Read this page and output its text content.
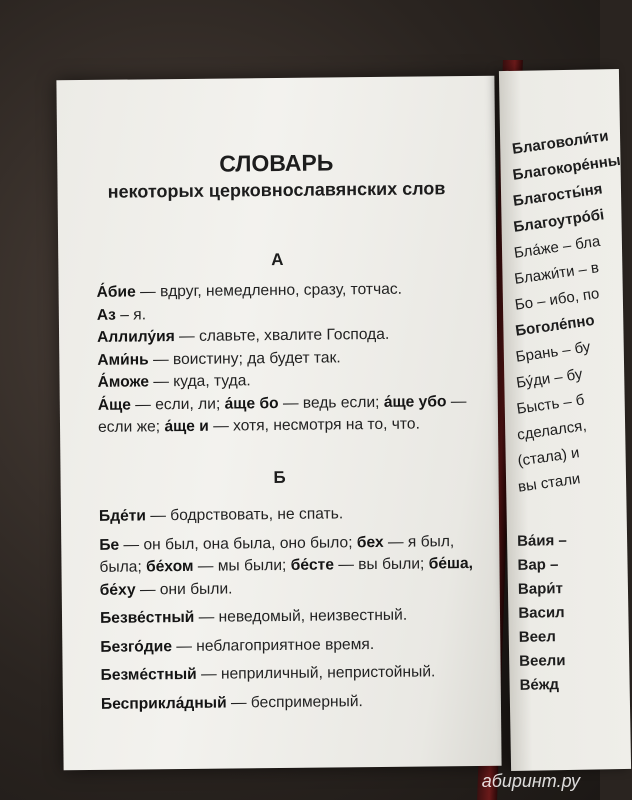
СЛОВАРЬ
некоторых церковнославянских слов
А

А́бие — вдруг, немедленно, сразу, тотчас.

Аз – я.

Аллилу́ия — славьте, хвалите Господа.

Ами́нь — воистину; да будет так.

А́може — куда, туда.

А́ще — если, ли; а́ще бо — ведь если; а́ще убо — если же; а́ще и — хотя, несмотря на то, что.

Б

Бде́ти — бодрствовать, не спать.

Бе — он был, она была, оно было; бех — я был, была; бе́хом — мы были; бе́сте — вы были; бе́ша, бе́ху — они были.

Безве́стный — неведомый, неизвестный.

Безго́дие — неблагоприятное время.

Безме́стный — неприличный, непристойный.

Бесприкла́дный — беспримерный.

Благоволи́ти
Благокоре́нны
Благосты́ня
Благоутро́бі
Бла́же – бла
Блажи́ти – в
Бо – ибо, по
Боголе́пно
Брань – бу
Бу́ди – бу
Бысть – б
сделался,
(стала) и
вы стали
Ва́ия –
Вар –
Вари́т
Васил
Веел
Веели
Ве́жд
абиринт.ру
